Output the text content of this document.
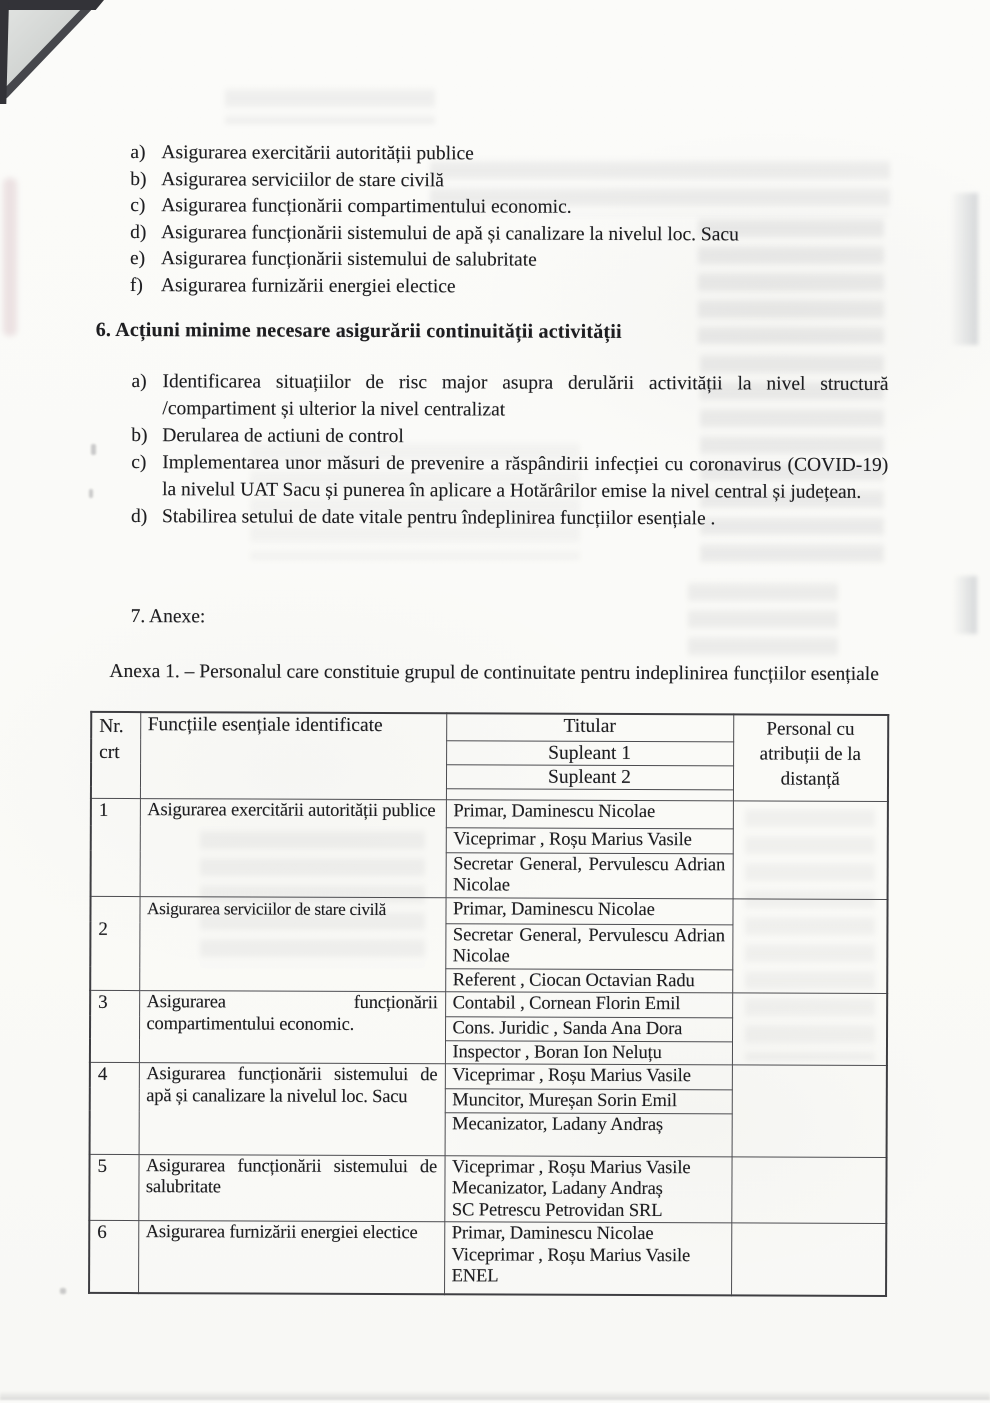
a) Asigurarea exercitării autorității publice
b) Asigurarea serviciilor de stare civilă
c) Asigurarea funcționării compartimentului economic.
d) Asigurarea funcționării sistemului de apă și canalizare la nivelul loc. Sacu
e) Asigurarea funcționării sistemului de salubritate
f) Asigurarea furnizării energiei electice
6. Acțiuni minime necesare asigurării continuității activității
a) Identificarea situațiilor de risc major asupra derulării activității la nivel structură /compartiment și ulterior la nivel centralizat
b) Derularea de actiuni de control
c) Implementarea unor măsuri de prevenire a răspândirii infecției cu coronavirus (COVID-19) la nivelul UAT Sacu și punerea în aplicare a Hotărârilor emise la nivel central și județean.
d) Stabilirea setului de date vitale pentru îndeplinirea funcțiilor esențiale .
7. Anexe:
Anexa 1. – Personalul care constituie grupul de continuitate pentru indeplinirea funcțiilor esențiale
Nr.
crt	Funcțiile esențiale identificate	Titular	Personal cu atribuții de la distanță
		Supleant 1	
		Supleant 2	

1	Asigurarea exercitării autorității publice	Primar, Daminescu Nicolae	
		Viceprimar , Roșu Marius Vasile	
		Secretar General, Pervulescu Adrian Nicolae	
2	Asigurarea serviciilor de stare civilă	Primar, Daminescu Nicolae	
		Secretar General, Pervulescu Adrian Nicolae	
		Referent , Ciocan Octavian Radu	
3	Asigurarea funcționării compartimentului economic.	Contabil , Cornean Florin Emil	
		Cons. Juridic , Sanda Ana Dora	
		Inspector , Boran Ion Neluțu	
4	Asigurarea funcționării sistemului de apă și canalizare la nivelul loc. Sacu	Viceprimar , Roșu Marius Vasile	
		Muncitor, Mureșan Sorin Emil	
		Mecanizator, Ladany Andraș	
5	Asigurarea funcționării sistemului de salubritate	Viceprimar , Roșu Marius Vasile
Mecanizator, Ladany Andraș
SC Petrescu Petrovidan SRL	

6	Asigurarea furnizării energiei electice	Primar, Daminescu Nicolae
Viceprimar , Roșu Marius Vasile
ENEL	
